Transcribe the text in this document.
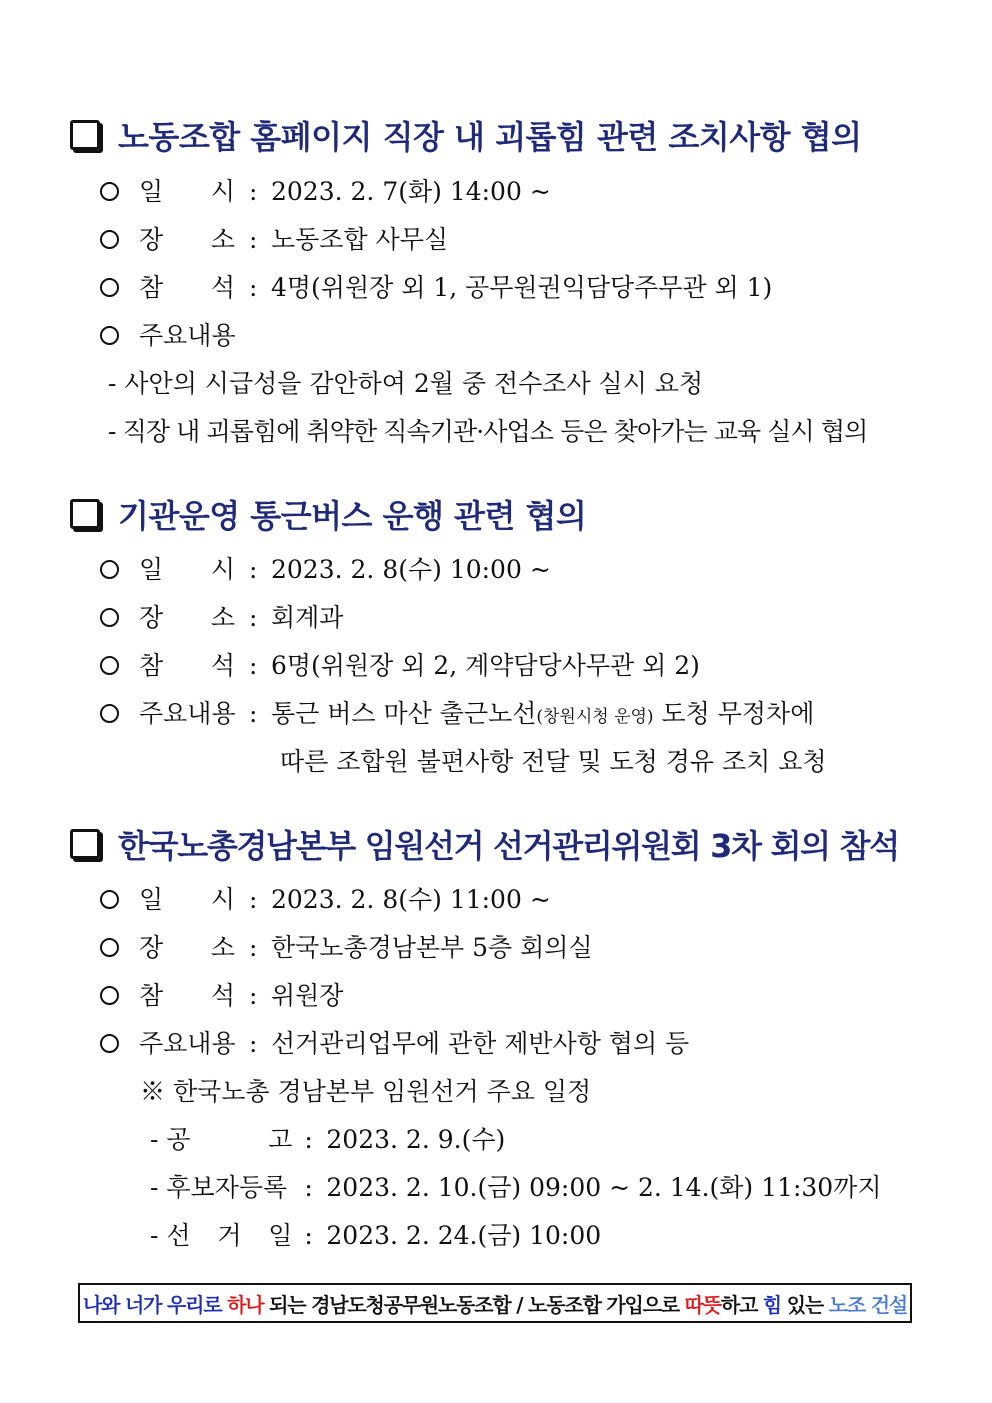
노동조합 홈페이지 직장 내 괴롭힘 관련 조치사항 협의
일 시 : 2023. 2. 7(화) 14:00 ~
장 소 : 노동조합 사무실
참 석 : 4명(위원장 외 1, 공무원권익담당주무관 외 1)
주요내용
- 사안의 시급성을 감안하여 2월 중 전수조사 실시 요청
- 직장 내 괴롭힘에 취약한 직속기관·사업소 등은 찾아가는 교육 실시 협의
기관운영 통근버스 운행 관련 협의
일 시 : 2023. 2. 8(수) 10:00 ~
장 소 : 회계과
참 석 : 6명(위원장 외 2, 계약담당사무관 외 2)
주요내용 : 통근 버스 마산 출근노선(창원시청 운영) 도청 무정차에
따른 조합원 불편사항 전달 및 도청 경유 조치 요청
한국노총경남본부 임원선거 선거관리위원회 3차 회의 참석
일 시 : 2023. 2. 8(수) 11:00 ~
장 소 : 한국노총경남본부 5층 회의실
참 석 : 위원장
주요내용 : 선거관리업무에 관한 제반사항 협의 등
※ 한국노총 경남본부 임원선거 주요 일정
- 공	고 : 2023. 2. 9.(수)
- 후보자등록 : 2023. 2. 10.(금) 09:00 ~ 2. 14.(화) 11:30까지
- 선 거 일 : 2023. 2. 24.(금) 10:00
나와 너가 우리로 하나 되는 경남도청공무원노동조합 / 노동조합 가입으로 따뜻 하고 힘 있는 노조 건설
